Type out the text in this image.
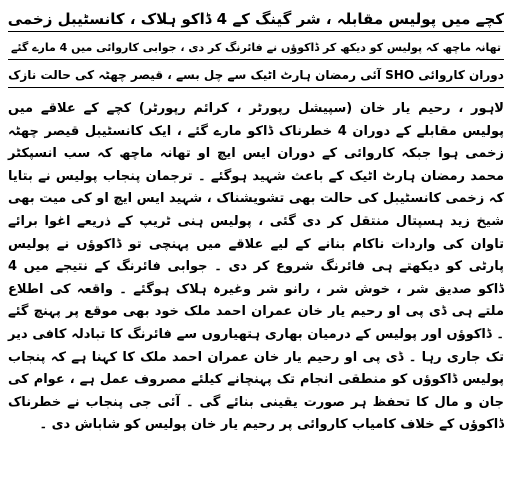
کچے میں پولیس مقابلہ ، شر گینگ کے 4 ڈاکو ہلاک ، کانسٹیبل زخمی
تھانہ ماچھ کہ پولیس کو دیکھ کر ڈاکوؤں نے فائرنگ کر دی ، جوابی کاروائی میں 4 مارے گئے
دوران کاروائی SHO آئی رمضان ہارٹ اٹیک سے چل بسے ، قیصر چھٹہ کی حالت نازک

لاہور ، رحیم یار خان (سپیشل رپورٹر ، کرائم رپورٹر) کچے کے علاقے میں پولیس مقابلے کے دوران 4 خطرناک ڈاکو مارے گئے ، ایک کانسٹیبل قیصر چھٹہ زخمی ہوا جبکہ کاروائی کے دوران ایس ایچ او تھانہ ماچھ کہ سب انسپکٹر محمد رمضان ہارٹ اٹیک کے باعث شہید ہوگئے ۔ ترجمان پنجاب پولیس نے بتایا کہ زخمی کانسٹیبل کی حالت بھی تشویشناک ، شہید ایس ایچ او کی میت بھی شیخ زید ہسپتال منتقل کر دی گئی ، پولیس ہنی ٹریپ کے ذریعے اغوا برائے تاوان کی واردات ناکام بنانے کے لیے علاقے میں پہنچی تو ڈاکوؤں نے پولیس پارٹی کو دیکھتے ہی فائرنگ شروع کر دی ۔ جوابی فائرنگ کے نتیجے میں 4 ڈاکو صدیق شر ، خوش شر ، رانو شر وغیرہ ہلاک ہوگئے ۔ واقعہ کی اطلاع ملتے ہی ڈی پی او رحیم یار خان عمران احمد ملک خود بھی موقع پر پہنچ گئے ۔ ڈاکوؤں اور پولیس کے درمیان بھاری ہتھیاروں سے فائرنگ کا تبادلہ کافی دیر تک جاری رہا ۔ ڈی پی او رحیم یار خان عمران احمد ملک کا کہنا ہے کہ پنجاب پولیس ڈاکوؤں کو منطقی انجام تک پہنچانے کیلئے مصروف عمل ہے ، عوام کی جان و مال کا تحفظ ہر صورت یقینی بنائے گی ۔ آئی جی پنجاب نے خطرناک ڈاکوؤں کے خلاف کامیاب کاروائی پر رحیم یار خان پولیس کو شاباش دی ۔
